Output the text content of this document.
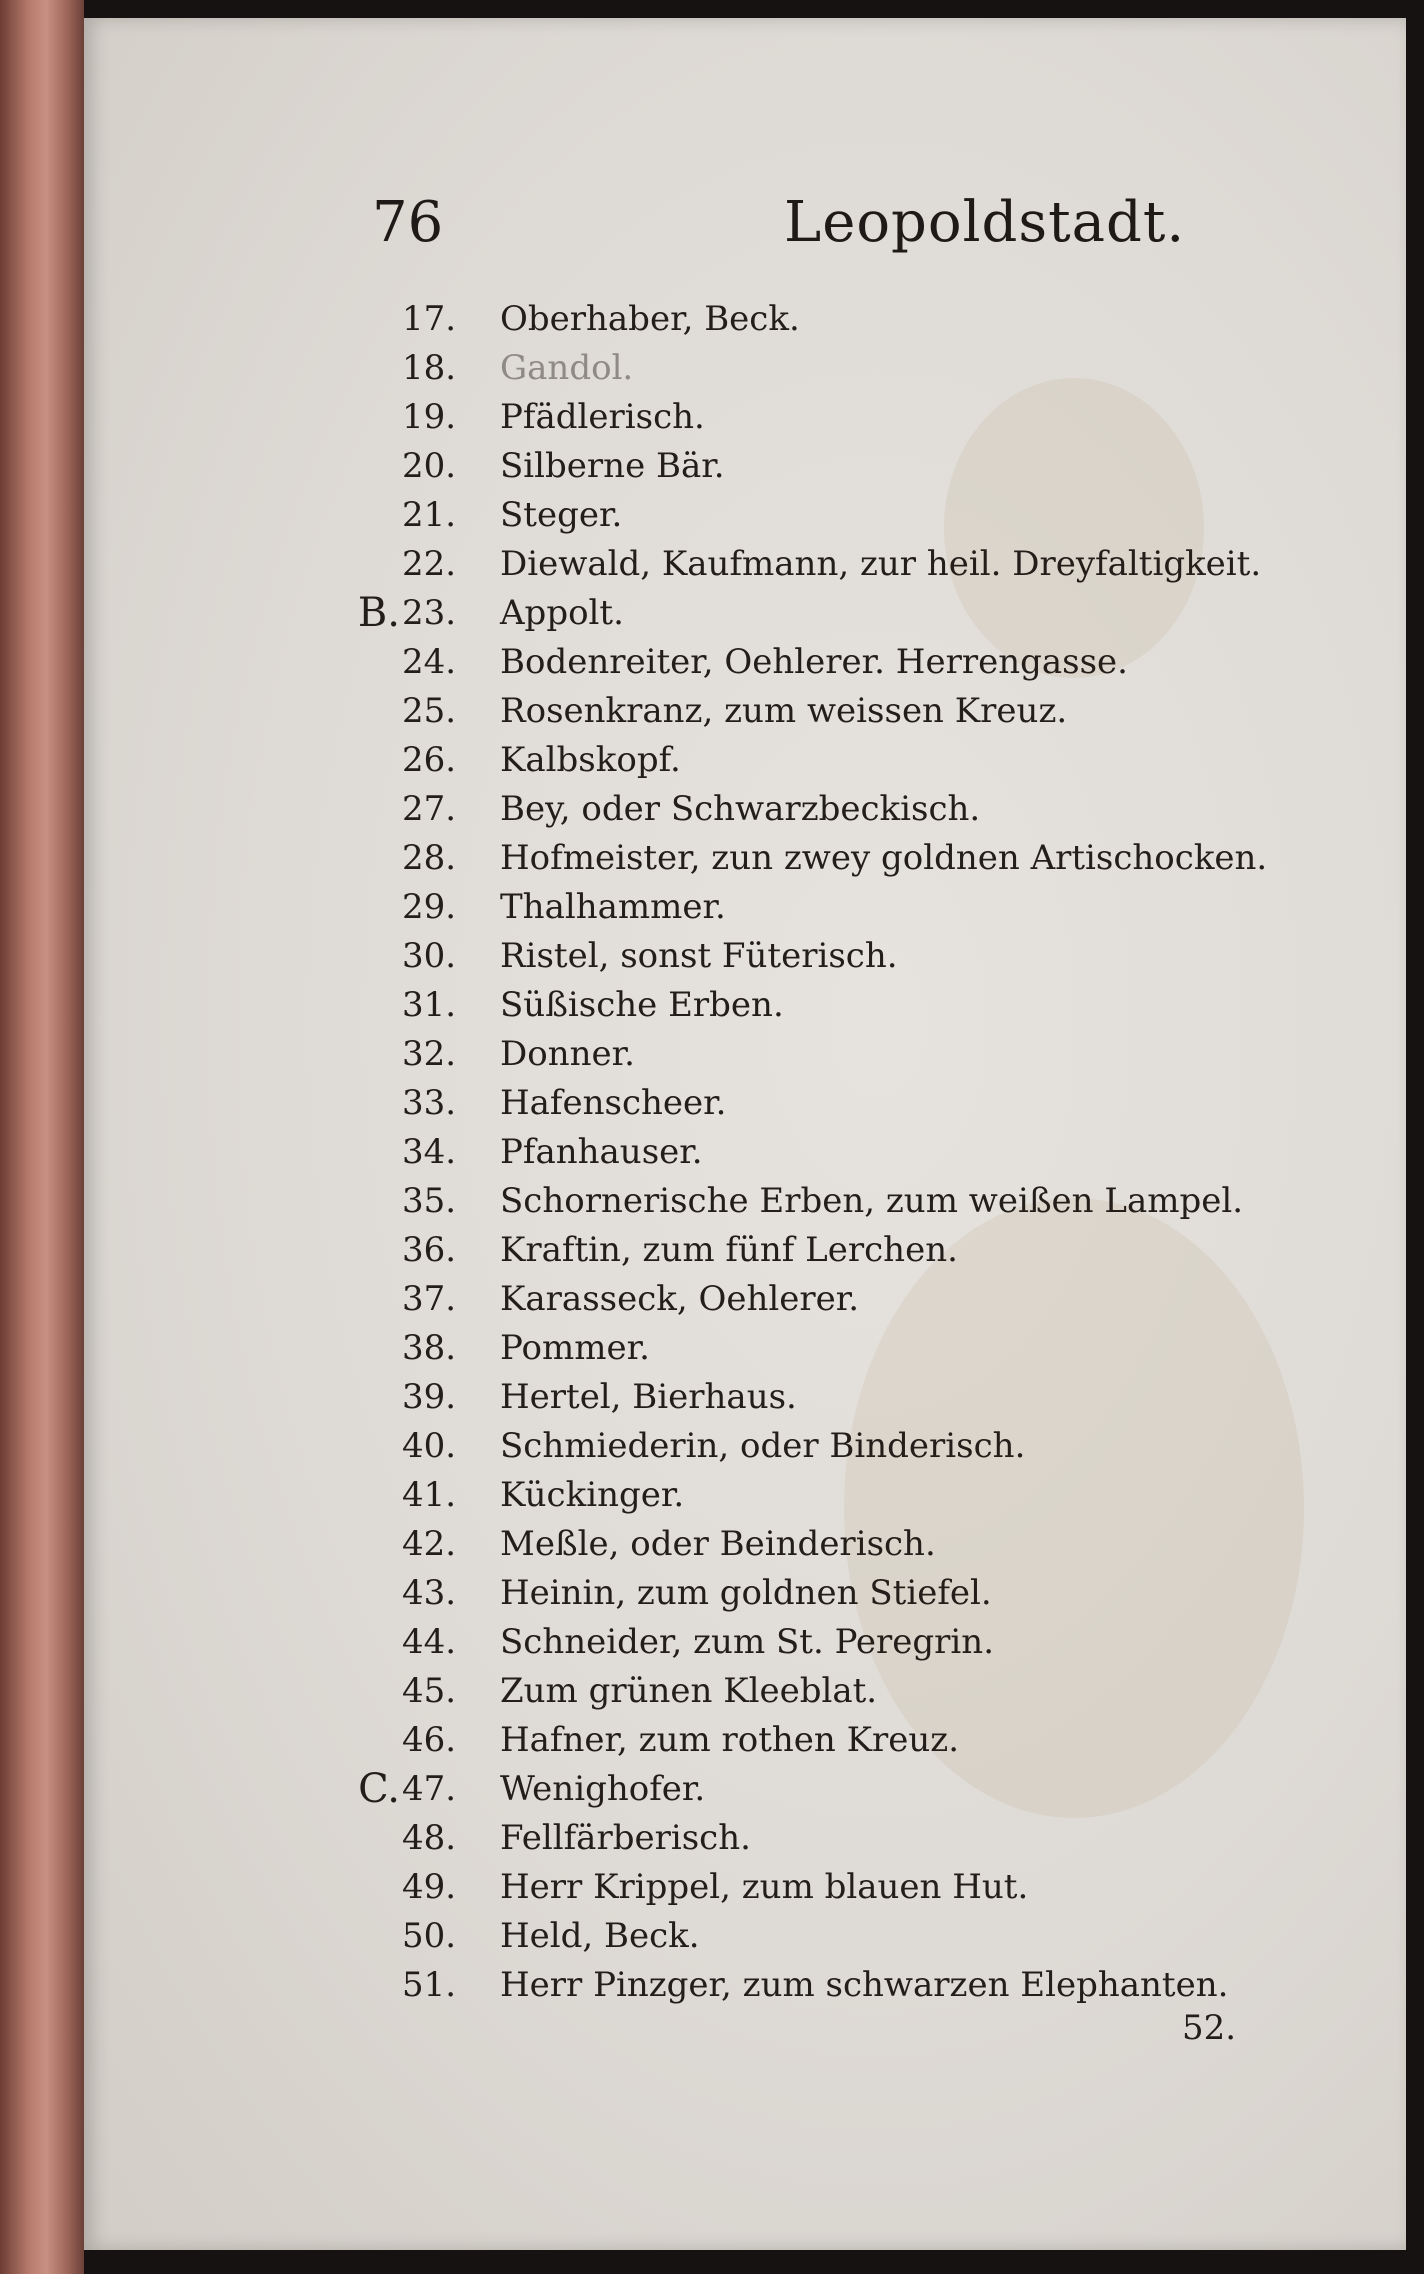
76	Leopoldstadt.
17.	Oberhaber, Beck.
18.	Gandol.
19.	Pfädlerisch.
20.	Silberne Bär.
21.	Steger.
22.	Diewald, Kaufmann, zur heil. Dreyfaltigkeit.
B. 23.	Appolt.
24.	Bodenreiter, Oehlerer. Herrengasse.
25.	Rosenkranz, zum weissen Kreuz.
26.	Kalbskopf.
27.	Bey, oder Schwarzbeckisch.
28.	Hofmeister, zun zwey goldnen Artischocken.
29.	Thalhammer.
30.	Ristel, sonst Füterisch.
31.	Süßische Erben.
32.	Donner.
33.	Hafenscheer.
34.	Pfanhauser.
35.	Schornerische Erben, zum weißen Lampel.
36.	Kraftin, zum fünf Lerchen.
37.	Karasseck, Oehlerer.
38.	Pommer.
39.	Hertel, Bierhaus.
40.	Schmiederin, oder Binderisch.
41.	Kückinger.
42.	Meßle, oder Beinderisch.
43.	Heinin, zum goldnen Stiefel.
44.	Schneider, zum St. Peregrin.
45.	Zum grünen Kleeblat.
46.	Hafner, zum rothen Kreuz.
C. 47.	Wenighofer.
48.	Fellfärberisch.
49.	Herr Krippel, zum blauen Hut.
50.	Held, Beck.
51.	Herr Pinzger, zum schwarzen Elephanten.
52.
